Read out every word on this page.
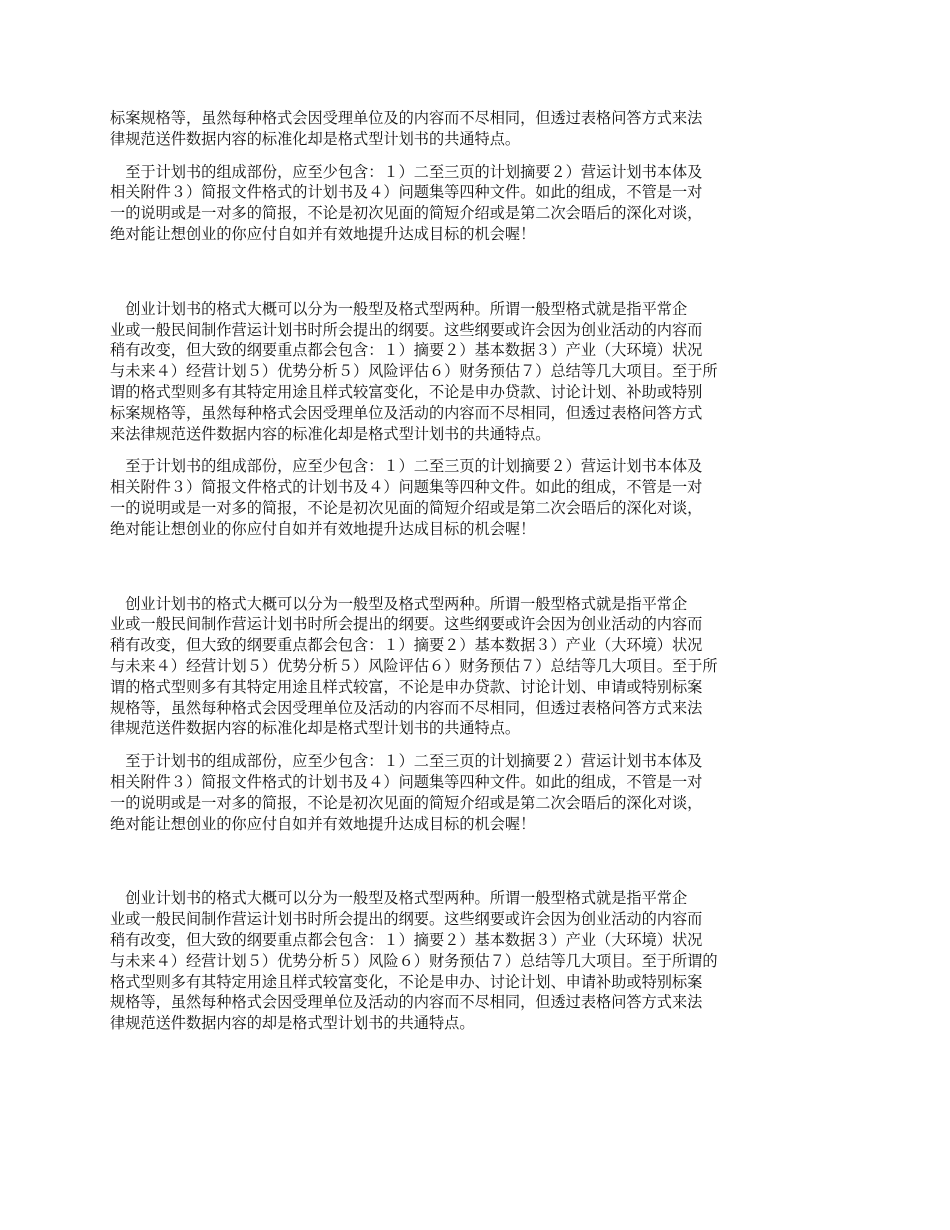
标案规格等，虽然每种格式会因受理单位及的内容而不尽相同，但透过表格问答方式来法
律规范送件数据内容的标准化却是格式型计划书的共通特点。
　至于计划书的组成部份，应至少包含：１）二至三页的计划摘要２）营运计划书本体及
相关附件３）简报文件格式的计划书及４）问题集等四种文件。如此的组成，不管是一对
一的说明或是一对多的简报，不论是初次见面的简短介绍或是第二次会晤后的深化对谈，
绝对能让想创业的你应付自如并有效地提升达成目标的机会喔！
　创业计划书的格式大概可以分为一般型及格式型两种。所谓一般型格式就是指平常企
业或一般民间制作营运计划书时所会提出的纲要。这些纲要或许会因为创业活动的内容而
稍有改变，但大致的纲要重点都会包含：１）摘要２）基本数据３）产业（大环境）状况
与未来４）经营计划５）优势分析５）风险评估６）财务预估７）总结等几大项目。至于所
谓的格式型则多有其特定用途且样式较富变化，不论是申办贷款、讨论计划、补助或特别
标案规格等，虽然每种格式会因受理单位及活动的内容而不尽相同，但透过表格问答方式
来法律规范送件数据内容的标准化却是格式型计划书的共通特点。
　至于计划书的组成部份，应至少包含：１）二至三页的计划摘要２）营运计划书本体及
相关附件３）简报文件格式的计划书及４）问题集等四种文件。如此的组成，不管是一对
一的说明或是一对多的简报，不论是初次见面的简短介绍或是第二次会晤后的深化对谈，
绝对能让想创业的你应付自如并有效地提升达成目标的机会喔！
　创业计划书的格式大概可以分为一般型及格式型两种。所谓一般型格式就是指平常企
业或一般民间制作营运计划书时所会提出的纲要。这些纲要或许会因为创业活动的内容而
稍有改变，但大致的纲要重点都会包含：１）摘要２）基本数据３）产业（大环境）状况
与未来４）经营计划５）优势分析５）风险评估６）财务预估７）总结等几大项目。至于所
谓的格式型则多有其特定用途且样式较富，不论是申办贷款、讨论计划、申请或特别标案
规格等，虽然每种格式会因受理单位及活动的内容而不尽相同，但透过表格问答方式来法
律规范送件数据内容的标准化却是格式型计划书的共通特点。
　至于计划书的组成部份，应至少包含：１）二至三页的计划摘要２）营运计划书本体及
相关附件３）简报文件格式的计划书及４）问题集等四种文件。如此的组成，不管是一对
一的说明或是一对多的简报，不论是初次见面的简短介绍或是第二次会晤后的深化对谈，
绝对能让想创业的你应付自如并有效地提升达成目标的机会喔！
　创业计划书的格式大概可以分为一般型及格式型两种。所谓一般型格式就是指平常企
业或一般民间制作营运计划书时所会提出的纲要。这些纲要或许会因为创业活动的内容而
稍有改变，但大致的纲要重点都会包含：１）摘要２）基本数据３）产业（大环境）状况
与未来４）经营计划５）优势分析５）风险６）财务预估７）总结等几大项目。至于所谓的
格式型则多有其特定用途且样式较富变化，不论是申办、讨论计划、申请补助或特别标案
规格等，虽然每种格式会因受理单位及活动的内容而不尽相同，但透过表格问答方式来法
律规范送件数据内容的却是格式型计划书的共通特点。
